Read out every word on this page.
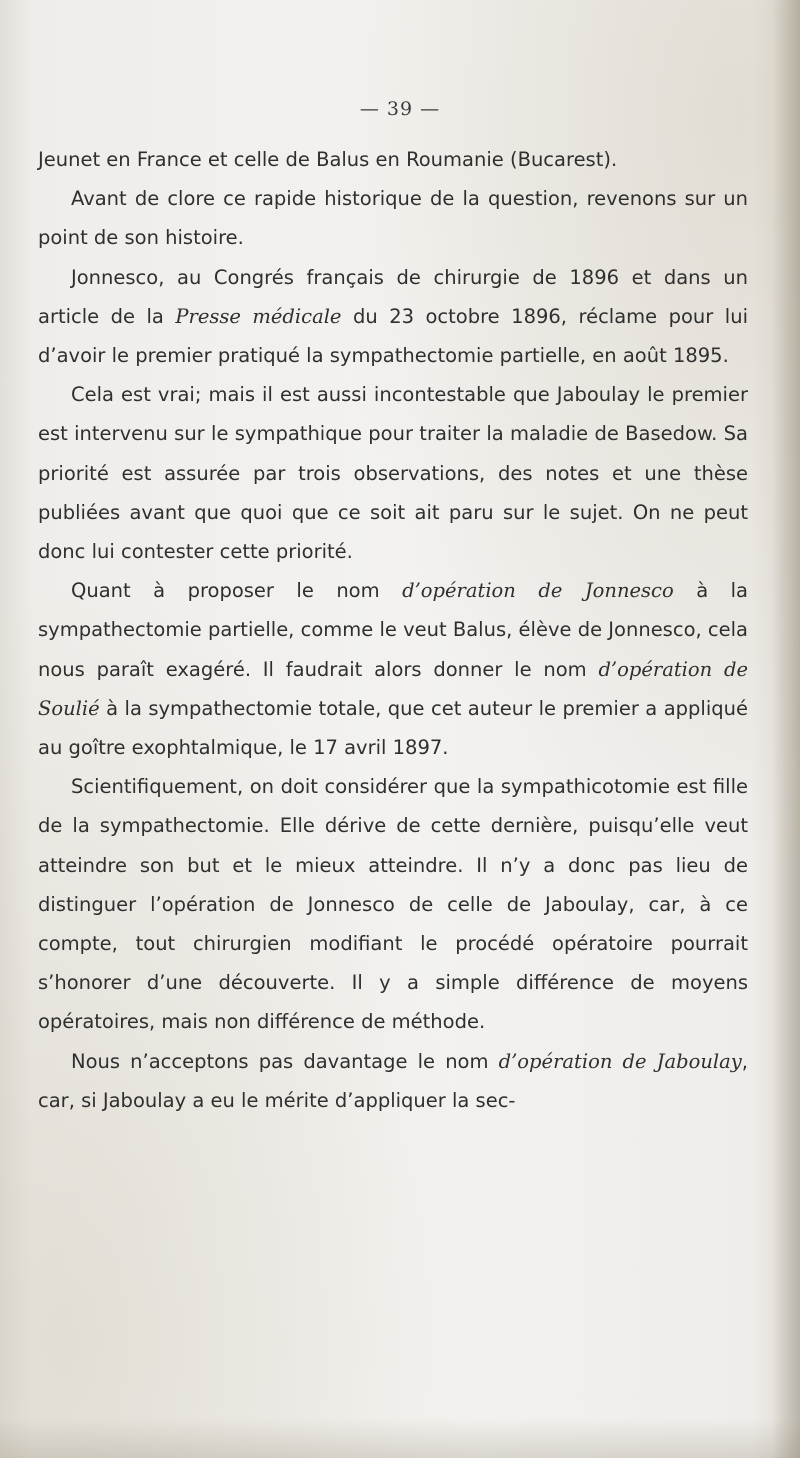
— 39 —

Jeunet en France et celle de Balus en Roumanie (Bucarest).

Avant de clore ce rapide historique de la question, revenons sur un point de son histoire.

Jonnesco, au Congrés français de chirurgie de 1896 et dans un article de la Presse médicale du 23 octobre 1896, réclame pour lui d’avoir le premier pratiqué la sympathectomie partielle, en août 1895.

Cela est vrai; mais il est aussi incontestable que Jaboulay le premier est intervenu sur le sympathique pour traiter la maladie de Basedow. Sa priorité est assurée par trois observations, des notes et une thèse publiées avant que quoi que ce soit ait paru sur le sujet. On ne peut donc lui contester cette priorité.

Quant à proposer le nom d’opération de Jonnesco à la sympathectomie partielle, comme le veut Balus, élève de Jonnesco, cela nous paraît exagéré. Il faudrait alors donner le nom d’opération de Soulié à la sympathectomie totale, que cet auteur le premier a appliqué au goître exophtalmique, le 17 avril 1897.

Scientifiquement, on doit considérer que la sympathicotomie est fille de la sympathectomie. Elle dérive de cette dernière, puisqu’elle veut atteindre son but et le mieux atteindre. Il n’y a donc pas lieu de distinguer l’opération de Jonnesco de celle de Jaboulay, car, à ce compte, tout chirurgien modifiant le procédé opératoire pourrait s’honorer d’une découverte. Il y a simple différence de moyens opératoires, mais non différence de méthode.

Nous n’acceptons pas davantage le nom d’opération de Jaboulay, car, si Jaboulay a eu le mérite d’appliquer la sec-
